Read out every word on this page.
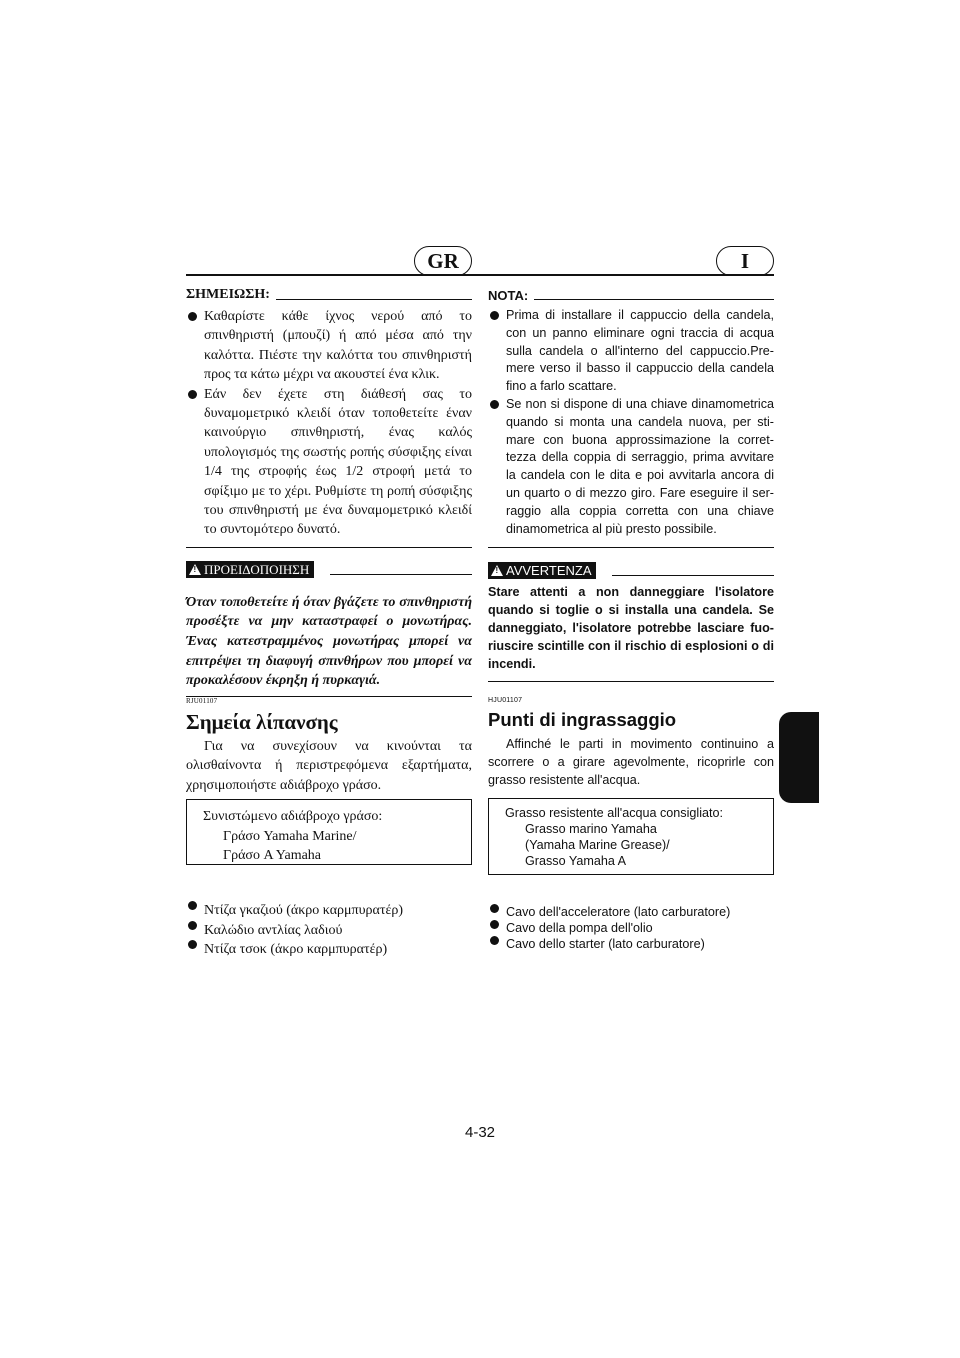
GR	I
ΣΗΜΕΙΩΣΗ:
Καθαρίστε κάθε ίχνος νερού από το σπινθηριστή (μπουζί) ή από μέσα από την καλόττα. Πιέστε την καλόττα του σπινθηριστή προς τα κάτω μέχρι να ακουστεί ένα κλικ.
Εάν δεν έχετε στη διάθεσή σας το δυναμομετρικό κλειδί όταν τοποθετείτε έναν καινούργιο σπινθηριστή, ένας καλός υπολογισμός της σωστής ροπής σύσφιξης είναι 1/4 της στροφής έως 1/2 στροφή μετά το σφίξιμο με το χέρι. Ρυθμίστε τη ροπή σύσφιξης του σπινθηριστή με ένα δυναμομετρικό κλειδί το συντομότερο δυνατό.
! ΠΡΟΕΙΔΟΠΟΙΗΣΗ
Όταν τοποθετείτε ή όταν βγάζετε το σπινθηριστή προσέξτε να μην καταστραφεί ο μονωτήρας. Ένας κατεστραμμένος μονωτήρας μπορεί να επιτρέψει τη διαφυγή σπινθήρων που μπορεί να προκαλέσουν έκρηξη ή πυρκαγιά.
RJU01107
Σημεία λίπανσης
Για να συνεχίσουν να κινούνται τα ολισθαίνοντα ή περιστρεφόμενα εξαρτήματα, χρησιμοποιήστε αδιάβροχο γράσο.

Συνιστώμενο αδιάβροχο γράσο:

Γράσο Yamaha Marine/

Γράσο A Yamaha

Ντίζα γκαζιού (άκρο καρμπυρατέρ)
Καλώδιο αντλίας λαδιού
Ντίζα τσοκ (άκρο καρμπυρατέρ)
NOTA:
Prima di installare il cappuccio della candela, con un panno eliminare ogni traccia di acqua sulla candela o all'interno del cappuccio.Pre-mere verso il basso il cappuccio della candela fino a farlo scattare.
Se non si dispone di una chiave dinamometrica quando si monta una candela nuova, per sti-mare con buona approssimazione la corret-tezza della coppia di serraggio, prima avvitare la candela con le dita e poi avvitarla ancora di un quarto o di mezzo giro. Fare eseguire il ser-raggio alla coppia corretta con una chiave dinamometrica al più presto possibile.
! AVVERTENZA
Stare attenti a non danneggiare l'isolatore quando si toglie o si installa una candela. Se danneggiato, l'isolatore potrebbe lasciare fuo-riuscire scintille con il rischio di esplosioni o di incendi.
HJU01107
Punti di ingrassaggio
Affinché le parti in movimento continuino a scorrere o a girare agevolmente, ricoprirle con grasso resistente all'acqua.

Grasso resistente all'acqua consigliato:

Grasso marino Yamaha

(Yamaha Marine Grease)/

Grasso Yamaha A

Cavo dell'acceleratore (lato carburatore)
Cavo della pompa dell'olio
Cavo dello starter (lato carburatore)
4-32
